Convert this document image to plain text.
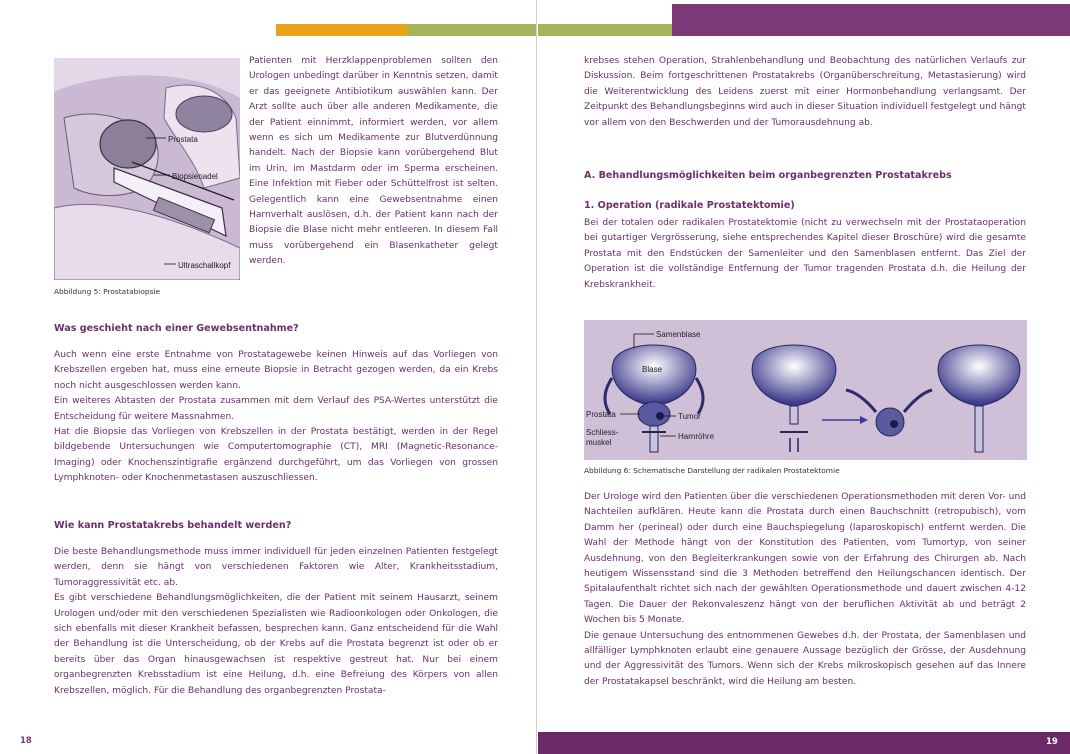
Prostata
Biopsienadel
Ultraschallkopf
Abbildung 5: Prostatabiopsie
Patienten mit Herzklappenproblemen sollten den Urologen unbedingt darüber in Kenntnis setzen, damit er das geeignete Antibiotikum auswählen kann. Der Arzt sollte auch über alle anderen Medikamente, die der Patient einnimmt, informiert werden, vor allem wenn es sich um Medikamente zur Blutverdünnung handelt. Nach der Biopsie kann vorübergehend Blut im Urin, im Mastdarm oder im Sperma erscheinen. Eine Infektion mit Fieber oder Schüttelfrost ist selten. Gelegentlich kann eine Gewebsentnahme einen Harnverhalt auslösen, d.h. der Patient kann nach der Biopsie die Blase nicht mehr entleeren. In diesem Fall muss vorübergehend ein Blasenkatheter gelegt werden.
Was geschieht nach einer Gewebsentnahme?

Auch wenn eine erste Entnahme von Prostatagewebe keinen Hinweis auf das Vorliegen von Krebszellen ergeben hat, muss eine erneute Biopsie in Betracht gezogen werden, da ein Krebs noch nicht ausgeschlossen werden kann.

Ein weiteres Abtasten der Prostata zusammen mit dem Verlauf des PSA-Wertes unterstützt die Entscheidung für weitere Massnahmen.

Hat die Biopsie das Vorliegen von Krebszellen in der Prostata bestätigt, werden in der Regel bildgebende Untersuchungen wie Computertomographie (CT), MRI (Magnetic-Resonance-Imaging) oder Knochenszintigrafie ergänzend durchgeführt, um das Vorliegen von grossen Lymphknoten- oder Knochenmetastasen auszuschliessen.

Wie kann Prostatakrebs behandelt werden?

Die beste Behandlungsmethode muss immer individuell für jeden einzelnen Patienten festgelegt werden, denn sie hängt von verschiedenen Faktoren wie Alter, Krankheitsstadium, Tumoraggressivität etc. ab.

Es gibt verschiedene Behandlungsmöglichkeiten, die der Patient mit seinem Hausarzt, seinem Urologen und/oder mit den verschiedenen Spezialisten wie Radioonkologen oder Onkologen, die sich ebenfalls mit dieser Krankheit befassen, besprechen kann. Ganz entscheidend für die Wahl der Behandlung ist die Unterscheidung, ob der Krebs auf die Prostata begrenzt ist oder ob er bereits über das Organ hinausgewachsen ist respektive gestreut hat. Nur bei einem organbegrenzten Krebsstadium ist eine Heilung, d.h. eine Befreiung des Körpers von allen Krebszellen, möglich. Für die Behandlung des organbegrenzten Prostata-

18
krebses stehen Operation, Strahlenbehandlung und Beobachtung des natürlichen Verlaufs zur Diskussion. Beim fortgeschrittenen Prostatakrebs (Organüberschreitung, Metastasierung) wird die Weiterentwicklung des Leidens zuerst mit einer Hormonbehandlung verlangsamt. Der Zeitpunkt des Behandlungsbeginns wird auch in dieser Situation individuell festgelegt und hängt vor allem von den Beschwerden und der Tumorausdehnung ab.
A. Behandlungsmöglichkeiten beim organbegrenzten Prostatakrebs
1. Operation (radikale Prostatektomie)
Bei der totalen oder radikalen Prostatektomie (nicht zu verwechseln mit der Prostataoperation bei gutartiger Vergrösserung, siehe entsprechendes Kapitel dieser Broschüre) wird die gesamte Prostata mit den Endstücken der Samenleiter und den Samenblasen entfernt. Das Ziel der Operation ist die vollständige Entfernung der Tumor tragenden Prostata d.h. die Heilung der Krebskrankheit.
Samenblase
Blase
Prostata	Tumor
Schliess-
muskel
Harnröhre
Abbildung 6: Schematische Darstellung der radikalen Prostatektomie

Der Urologe wird den Patienten über die verschiedenen Operationsmethoden mit deren Vor- und Nachteilen aufklären. Heute kann die Prostata durch einen Bauchschnitt (retropubisch), vom Damm her (perineal) oder durch eine Bauchspiegelung (laparoskopisch) entfernt werden. Die Wahl der Methode hängt von der Konstitution des Patienten, vom Tumortyp, von seiner Ausdehnung, von den Begleiterkrankungen sowie von der Erfahrung des Chirurgen ab. Nach heutigem Wissensstand sind die 3 Methoden betreffend den Heilungschancen identisch. Der Spitalaufenthalt richtet sich nach der gewählten Operationsmethode und dauert zwischen 4-12 Tagen. Die Dauer der Rekonvaleszenz hängt von der beruflichen Aktivität ab und beträgt 2 Wochen bis 5 Monate.

Die genaue Untersuchung des entnommenen Gewebes d.h. der Prostata, der Samenblasen und allfälliger Lymphknoten erlaubt eine genauere Aussage bezüglich der Grösse, der Ausdehnung und der Aggressivität des Tumors. Wenn sich der Krebs mikroskopisch gesehen auf das Innere der Prostatakapsel beschränkt, wird die Heilung am besten.

19
